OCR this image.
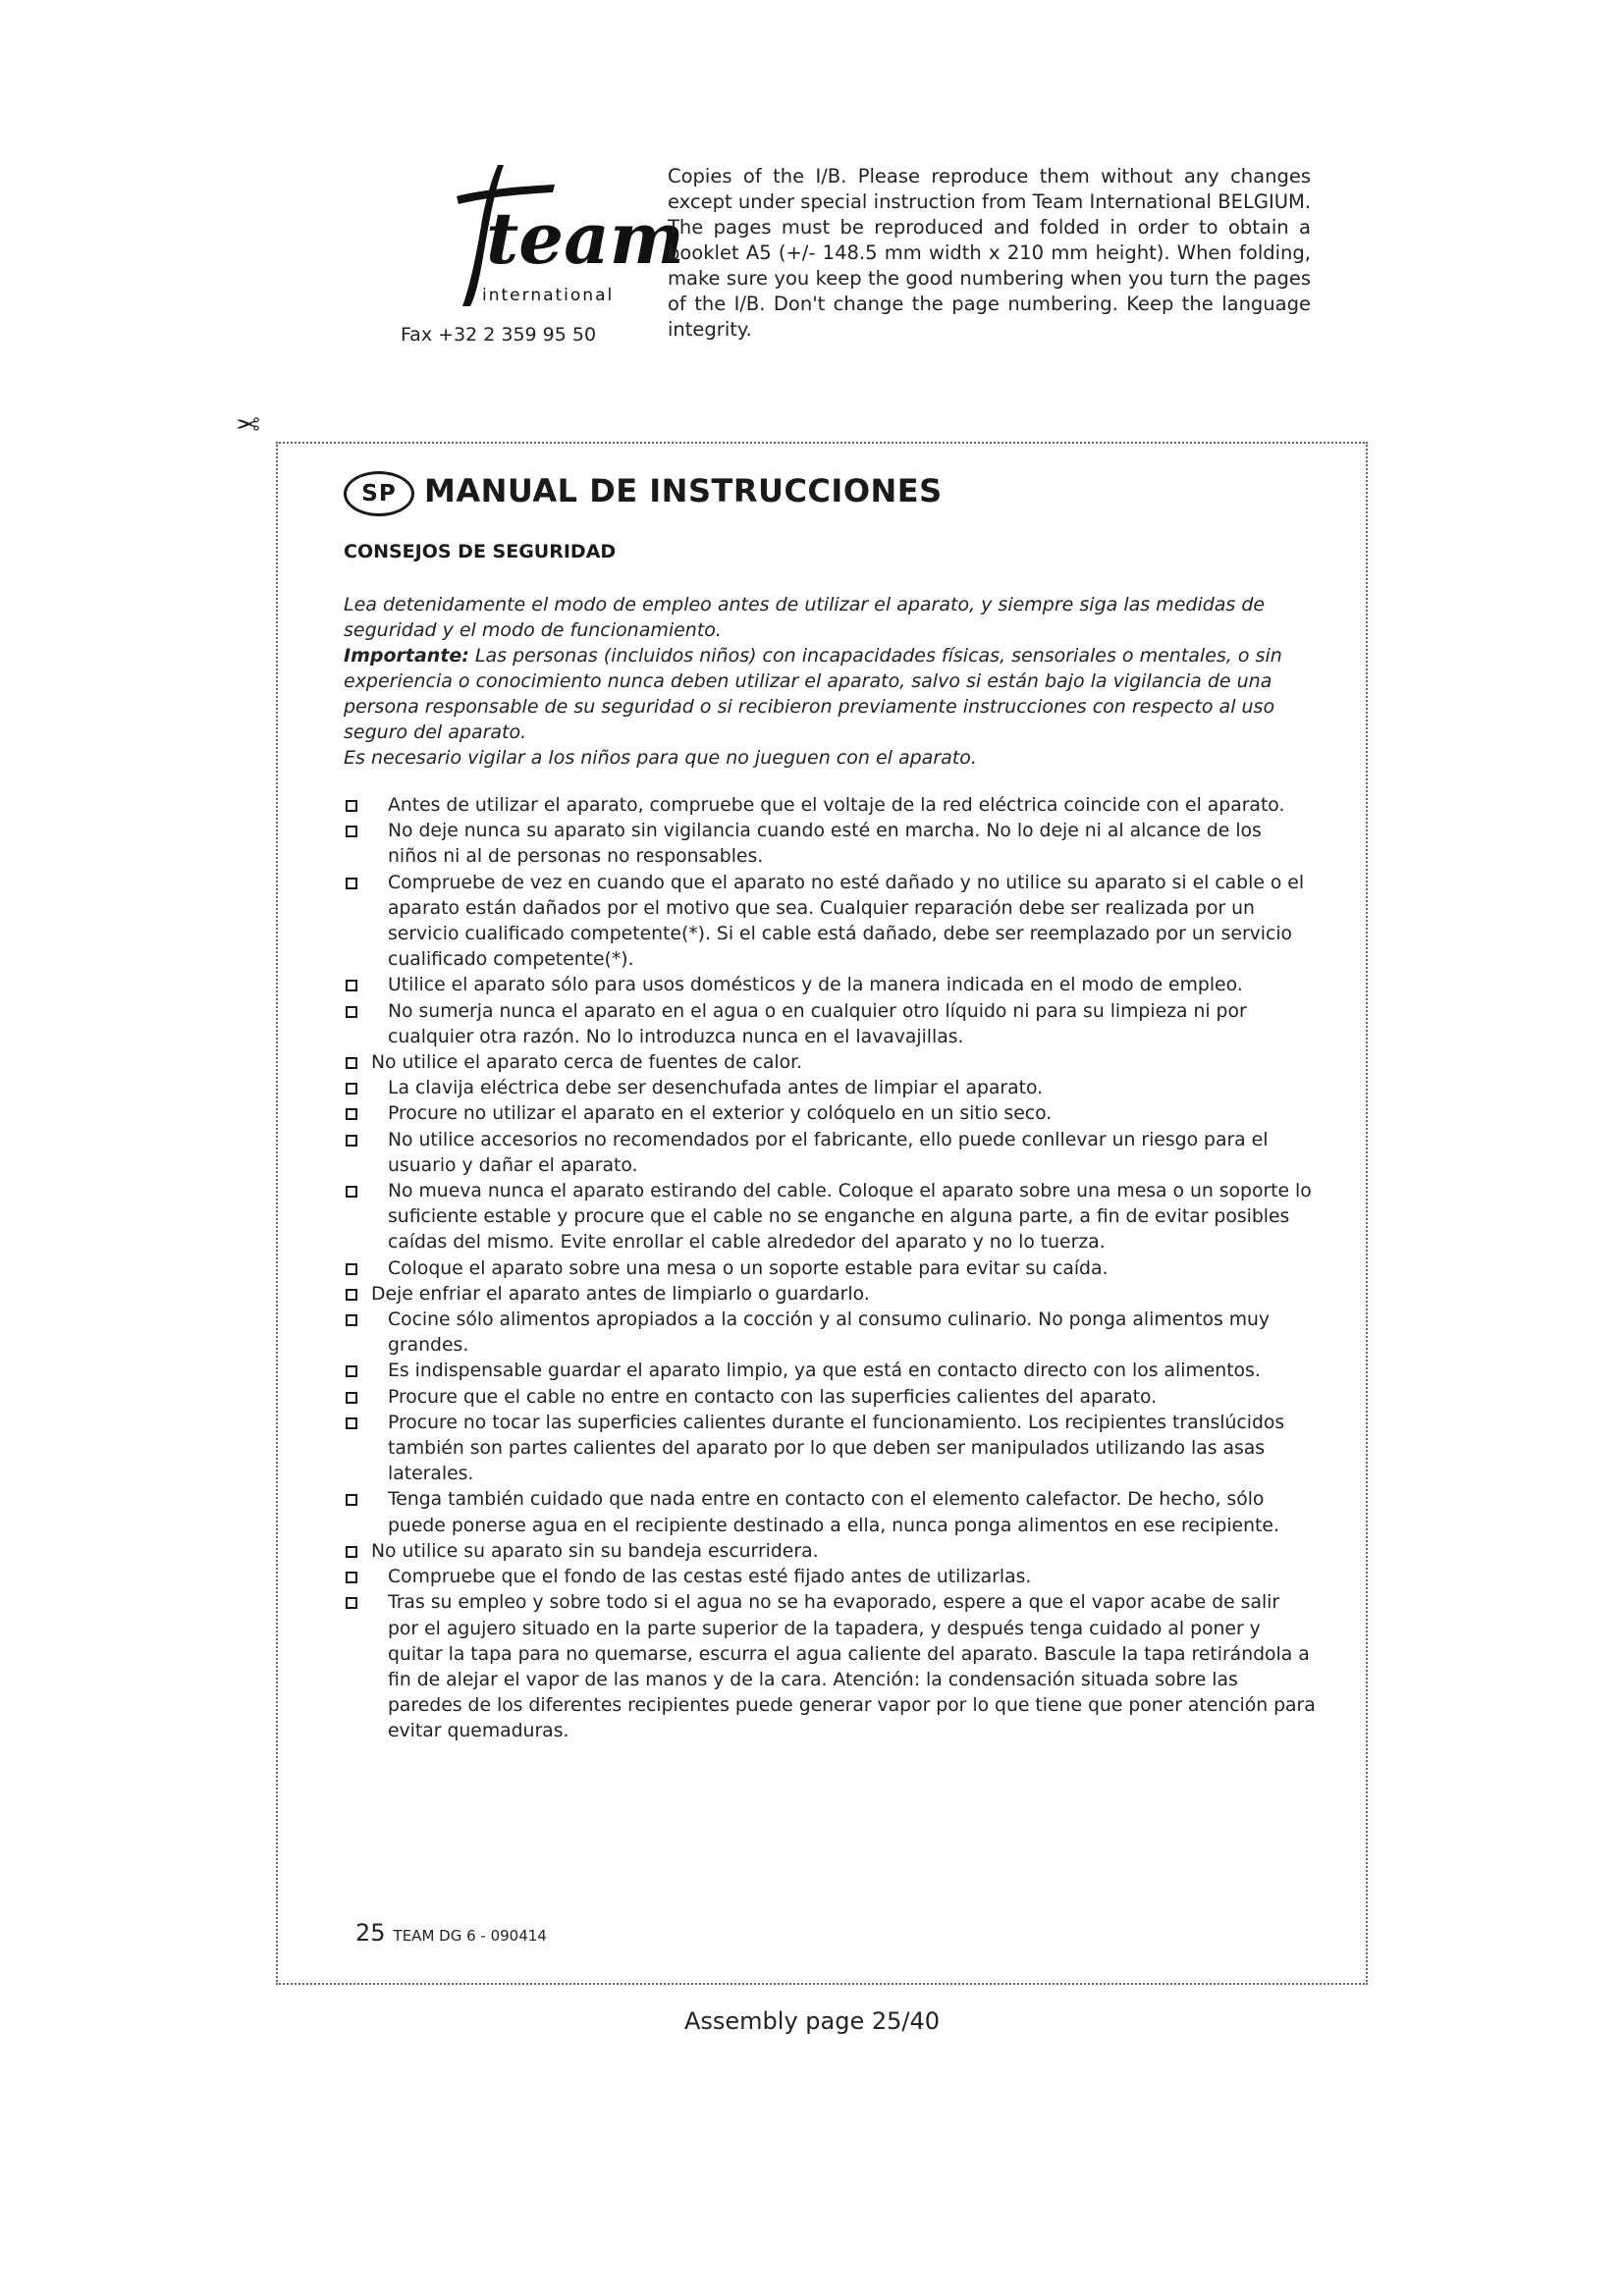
team
international
Fax +32 2 359 95 50
Copies of the I/B. Please reproduce them without any changes except under special instruction from Team International BELGIUM. The pages must be reproduced and folded in order to obtain a booklet A5 (+/- 148.5 mm width x 210 mm height). When folding, make sure you keep the good numbering when you turn the pages of the I/B. Don't change the page numbering. Keep the language integrity.
✂
SP MANUAL DE INSTRUCCIONES
CONSEJOS DE SEGURIDAD

Lea detenidamente el modo de empleo antes de utilizar el aparato, y siempre siga las medidas de seguridad y el modo de funcionamiento.

Importante: Las personas (incluidos niños) con incapacidades físicas, sensoriales o mentales, o sin experiencia o conocimiento nunca deben utilizar el aparato, salvo si están bajo la vigilancia de una persona responsable de su seguridad o si recibieron previamente instrucciones con respecto al uso seguro del aparato.

Es necesario vigilar a los niños para que no jueguen con el aparato.

Antes de utilizar el aparato, compruebe que el voltaje de la red eléctrica coincide con el aparato.
No deje nunca su aparato sin vigilancia cuando esté en marcha. No lo deje ni al alcance de los niños ni al de personas no responsables.
Compruebe de vez en cuando que el aparato no esté dañado y no utilice su aparato si el cable o el aparato están dañados por el motivo que sea. Cualquier reparación debe ser realizada por un servicio cualificado competente(*). Si el cable está dañado, debe ser reemplazado por un servicio cualificado competente(*).
Utilice el aparato sólo para usos domésticos y de la manera indicada en el modo de empleo.
No sumerja nunca el aparato en el agua o en cualquier otro líquido ni para su limpieza ni por cualquier otra razón. No lo introduzca nunca en el lavavajillas.
No utilice el aparato cerca de fuentes de calor.
La clavija eléctrica debe ser desenchufada antes de limpiar el aparato.
Procure no utilizar el aparato en el exterior y colóquelo en un sitio seco.
No utilice accesorios no recomendados por el fabricante, ello puede conllevar un riesgo para el usuario y dañar el aparato.
No mueva nunca el aparato estirando del cable. Coloque el aparato sobre una mesa o un soporte lo suficiente estable y procure que el cable no se enganche en alguna parte, a fin de evitar posibles caídas del mismo. Evite enrollar el cable alrededor del aparato y no lo tuerza.
Coloque el aparato sobre una mesa o un soporte estable para evitar su caída.
Deje enfriar el aparato antes de limpiarlo o guardarlo.
Cocine sólo alimentos apropiados a la cocción y al consumo culinario. No ponga alimentos muy grandes.
Es indispensable guardar el aparato limpio, ya que está en contacto directo con los alimentos.
Procure que el cable no entre en contacto con las superficies calientes del aparato.
Procure no tocar las superficies calientes durante el funcionamiento. Los recipientes translúcidos también son partes calientes del aparato por lo que deben ser manipulados utilizando las asas laterales.
Tenga también cuidado que nada entre en contacto con el elemento calefactor. De hecho, sólo puede ponerse agua en el recipiente destinado a ella, nunca ponga alimentos en ese recipiente.
No utilice su aparato sin su bandeja escurridera.
Compruebe que el fondo de las cestas esté fijado antes de utilizarlas.
Tras su empleo y sobre todo si el agua no se ha evaporado, espere a que el vapor acabe de salir por el agujero situado en la parte superior de la tapadera, y después tenga cuidado al poner y quitar la tapa para no quemarse, escurra el agua caliente del aparato. Bascule la tapa retirándola a fin de alejar el vapor de las manos y de la cara. Atención: la condensación situada sobre las paredes de los diferentes recipientes puede generar vapor por lo que tiene que poner atención para evitar quemaduras.
25 TEAM DG 6 - 090414
Assembly page 25/40
